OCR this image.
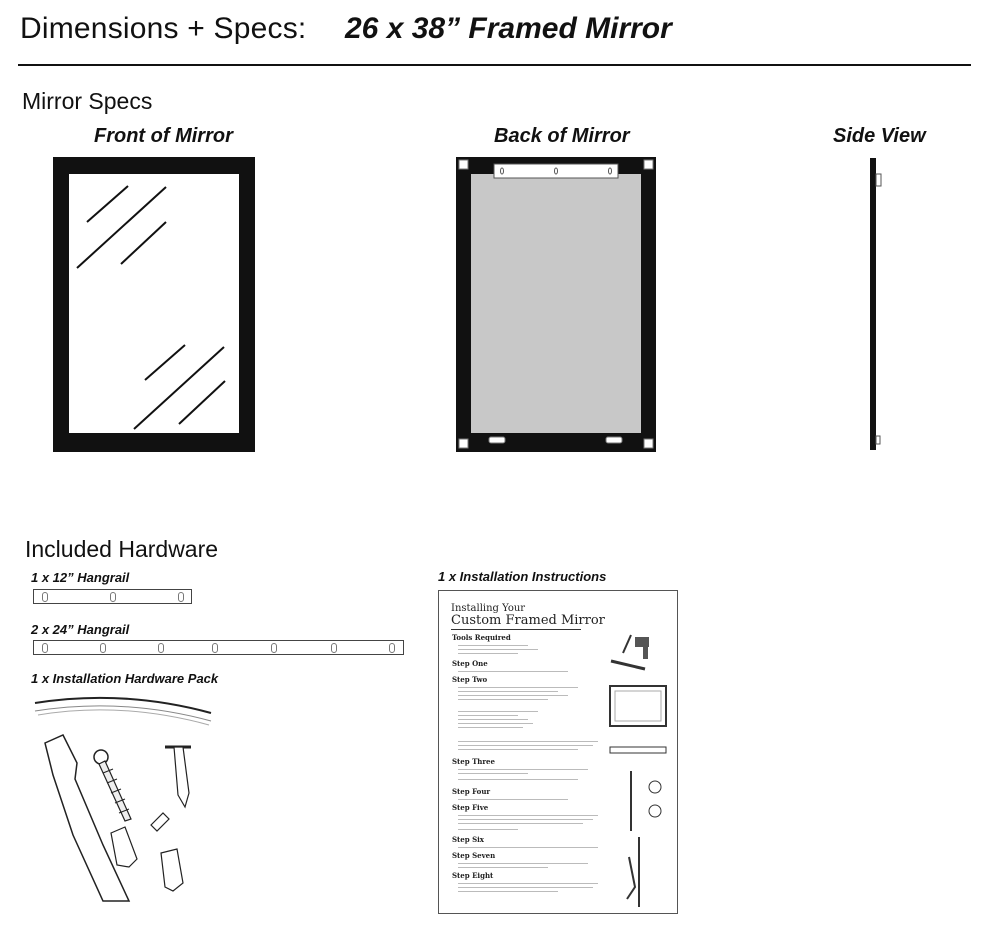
Dimensions + Specs: 26 x 38” Framed Mirror
Mirror Specs
Front of Mirror	Back of Mirror	Side View
Included Hardware
1 x 12” Hangrail
2 x 24” Hangrail
1 x Installation Hardware Pack
1 x Installation Instructions
Installing Your
Custom Framed Mirror
Tools Required
Step One
Step Two
Step Three
Step Four
Step Five
Step Six
Step Seven
Step Eight
